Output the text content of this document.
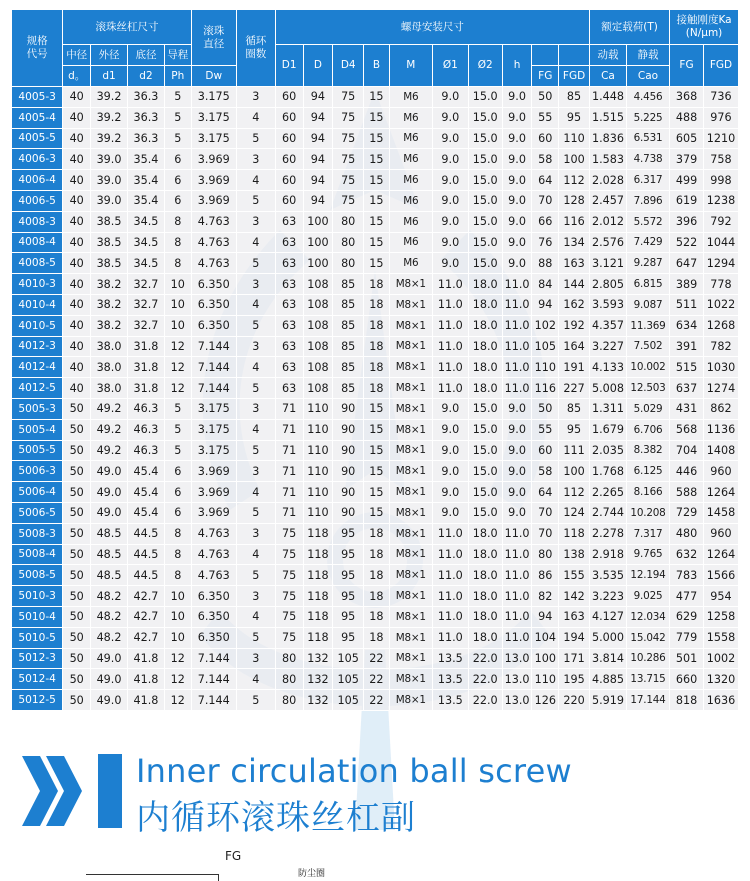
规格
代号	滚珠丝杠尺寸				滚珠
直径	循环
圈数	螺母安装尺寸										额定载荷(T)		接触刚度Ka
(N/μm)	
	中径	外径	底径	导程			D1	D	D4	B	M	Ø1	Ø2	h			动载	静载	FG	FGD
	d。	d1	d2	Ph	Dw										FG	FGD	Ca	Cao		
4005-3	40	39.2	36.3	5	3.175	3	60	94	75	15	M6	9.0	15.0	9.0	50	85	1.448	4.456	368	736
4005-4	40	39.2	36.3	5	3.175	4	60	94	75	15	M6	9.0	15.0	9.0	55	95	1.515	5.225	488	976
4005-5	40	39.2	36.3	5	3.175	5	60	94	75	15	M6	9.0	15.0	9.0	60	110	1.836	6.531	605	1210
4006-3	40	39.0	35.4	6	3.969	3	60	94	75	15	M6	9.0	15.0	9.0	58	100	1.583	4.738	379	758
4006-4	40	39.0	35.4	6	3.969	4	60	94	75	15	M6	9.0	15.0	9.0	64	112	2.028	6.317	499	998
4006-5	40	39.0	35.4	6	3.969	5	60	94	75	15	M6	9.0	15.0	9.0	70	128	2.457	7.896	619	1238
4008-3	40	38.5	34.5	8	4.763	3	63	100	80	15	M6	9.0	15.0	9.0	66	116	2.012	5.572	396	792
4008-4	40	38.5	34.5	8	4.763	4	63	100	80	15	M6	9.0	15.0	9.0	76	134	2.576	7.429	522	1044
4008-5	40	38.5	34.5	8	4.763	5	63	100	80	15	M6	9.0	15.0	9.0	88	163	3.121	9.287	647	1294
4010-3	40	38.2	32.7	10	6.350	3	63	108	85	18	M8×1	11.0	18.0	11.0	84	144	2.805	6.815	389	778
4010-4	40	38.2	32.7	10	6.350	4	63	108	85	18	M8×1	11.0	18.0	11.0	94	162	3.593	9.087	511	1022
4010-5	40	38.2	32.7	10	6.350	5	63	108	85	18	M8×1	11.0	18.0	11.0	102	192	4.357	11.369	634	1268
4012-3	40	38.0	31.8	12	7.144	3	63	108	85	18	M8×1	11.0	18.0	11.0	105	164	3.227	7.502	391	782
4012-4	40	38.0	31.8	12	7.144	4	63	108	85	18	M8×1	11.0	18.0	11.0	110	191	4.133	10.002	515	1030
4012-5	40	38.0	31.8	12	7.144	5	63	108	85	18	M8×1	11.0	18.0	11.0	116	227	5.008	12.503	637	1274
5005-3	50	49.2	46.3	5	3.175	3	71	110	90	15	M8×1	9.0	15.0	9.0	50	85	1.311	5.029	431	862
5005-4	50	49.2	46.3	5	3.175	4	71	110	90	15	M8×1	9.0	15.0	9.0	55	95	1.679	6.706	568	1136
5005-5	50	49.2	46.3	5	3.175	5	71	110	90	15	M8×1	9.0	15.0	9.0	60	111	2.035	8.382	704	1408
5006-3	50	49.0	45.4	6	3.969	3	71	110	90	15	M8×1	9.0	15.0	9.0	58	100	1.768	6.125	446	960
5006-4	50	49.0	45.4	6	3.969	4	71	110	90	15	M8×1	9.0	15.0	9.0	64	112	2.265	8.166	588	1264
5006-5	50	49.0	45.4	6	3.969	5	71	110	90	15	M8×1	9.0	15.0	9.0	70	124	2.744	10.208	729	1458
5008-3	50	48.5	44.5	8	4.763	3	75	118	95	18	M8×1	11.0	18.0	11.0	70	118	2.278	7.317	480	960
5008-4	50	48.5	44.5	8	4.763	4	75	118	95	18	M8×1	11.0	18.0	11.0	80	138	2.918	9.765	632	1264
5008-5	50	48.5	44.5	8	4.763	5	75	118	95	18	M8×1	11.0	18.0	11.0	86	155	3.535	12.194	783	1566
5010-3	50	48.2	42.7	10	6.350	3	75	118	95	18	M8×1	11.0	18.0	11.0	82	142	3.223	9.025	477	954
5010-4	50	48.2	42.7	10	6.350	4	75	118	95	18	M8×1	11.0	18.0	11.0	94	163	4.127	12.034	629	1258
5010-5	50	48.2	42.7	10	6.350	5	75	118	95	18	M8×1	11.0	18.0	11.0	104	194	5.000	15.042	779	1558
5012-3	50	49.0	41.8	12	7.144	3	80	132	105	22	M8×1	13.5	22.0	13.0	100	171	3.814	10.286	501	1002
5012-4	50	49.0	41.8	12	7.144	4	80	132	105	22	M8×1	13.5	22.0	13.0	110	195	4.885	13.715	660	1320
5012-5	50	49.0	41.8	12	7.144	5	80	132	105	22	M8×1	13.5	22.0	13.0	126	220	5.919	17.144	818	1636
Inner circulation ball screw
内循环滚珠丝杠副
FG
防尘圈
